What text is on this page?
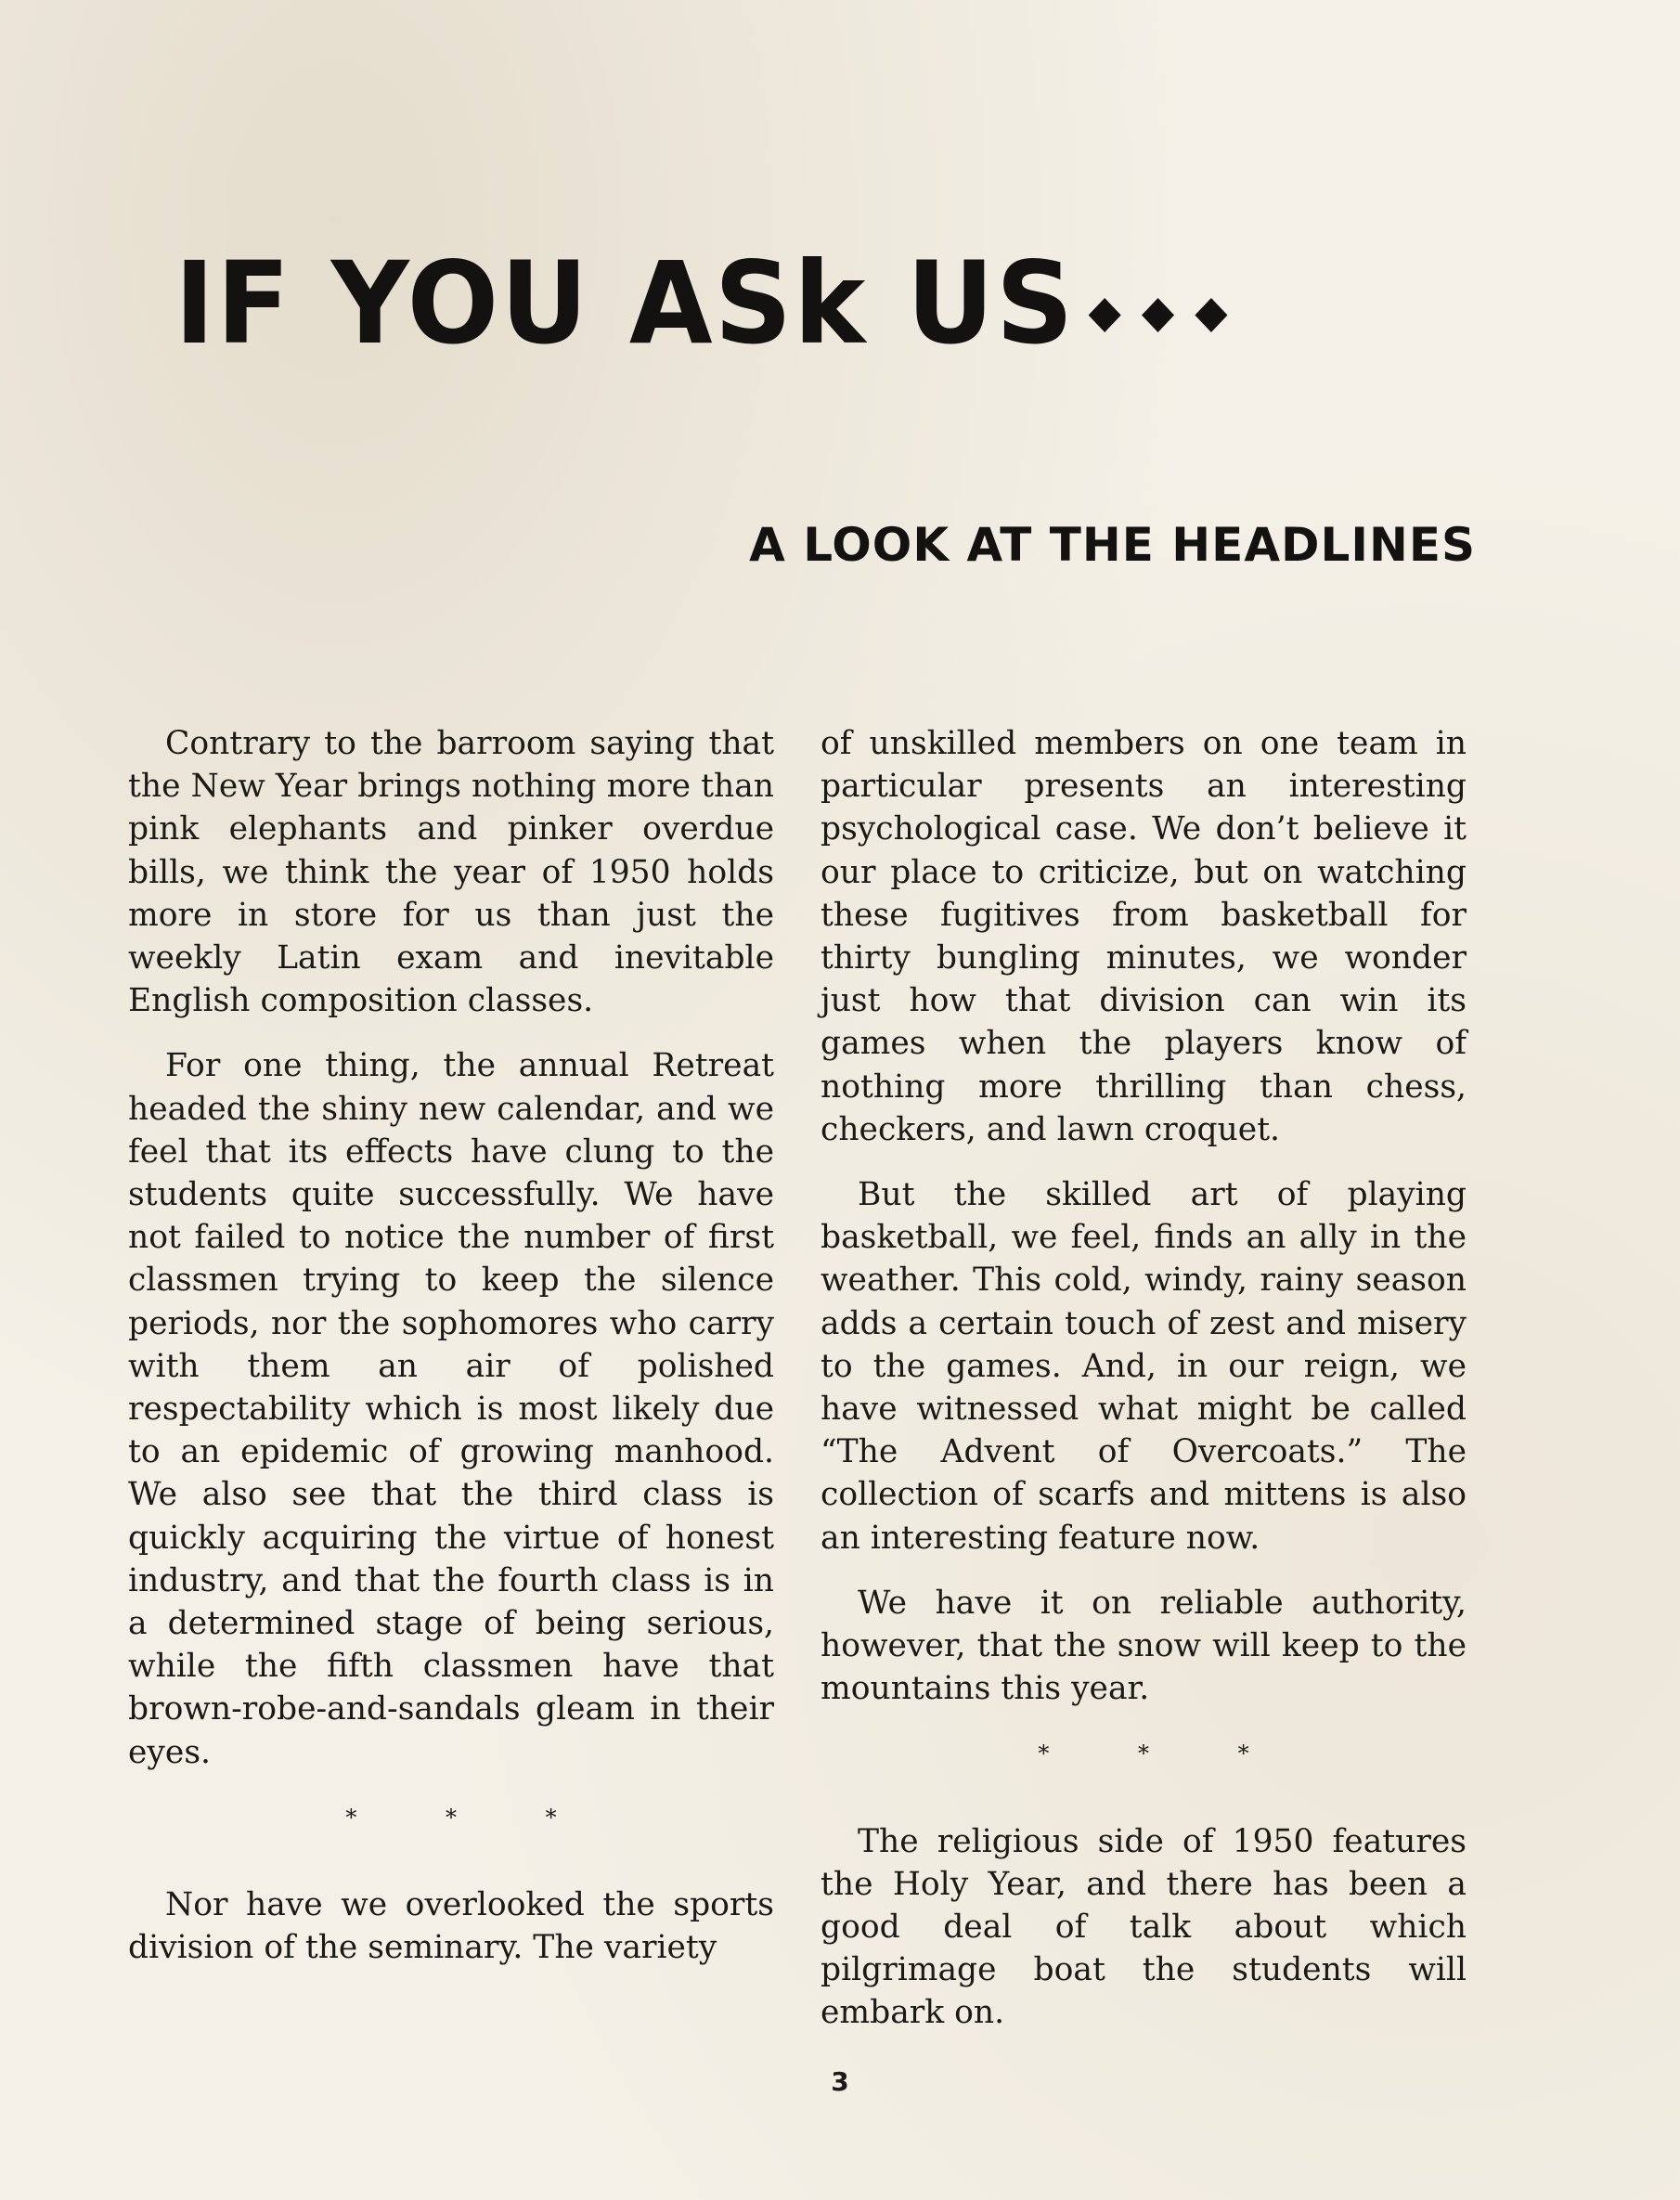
IF YOU ASk US ◆◆◆
A LOOK AT THE HEADLINES

Contrary to the barroom saying that the New Year brings nothing more than pink elephants and pinker overdue bills, we think the year of 1950 holds more in store for us than just the weekly Latin exam and inevitable English composition classes.

For one thing, the annual Retreat headed the shiny new calendar, and we feel that its effects have clung to the students quite successfully. We have not failed to notice the number of first classmen trying to keep the silence periods, nor the sophomores who carry with them an air of polished respectability which is most likely due to an epidemic of growing manhood. We also see that the third class is quickly acquiring the virtue of honest industry, and that the fourth class is in a determined stage of being serious, while the fifth classmen have that brown-robe-and-sandals gleam in their eyes.

* * *

Nor have we overlooked the sports division of the seminary. The variety

of unskilled members on one team in particular presents an interesting psychological case. We don’t believe it our place to criticize, but on watching these fugitives from basketball for thirty bungling minutes, we wonder just how that division can win its games when the players know of nothing more thrilling than chess, checkers, and lawn croquet.

But the skilled art of playing basketball, we feel, finds an ally in the weather. This cold, windy, rainy season adds a certain touch of zest and misery to the games. And, in our reign, we have witnessed what might be called “The Advent of Overcoats.” The collection of scarfs and mittens is also an interesting feature now.

We have it on reliable authority, however, that the snow will keep to the mountains this year.

* * *

The religious side of 1950 features the Holy Year, and there has been a good deal of talk about which pilgrimage boat the students will embark on.

3
